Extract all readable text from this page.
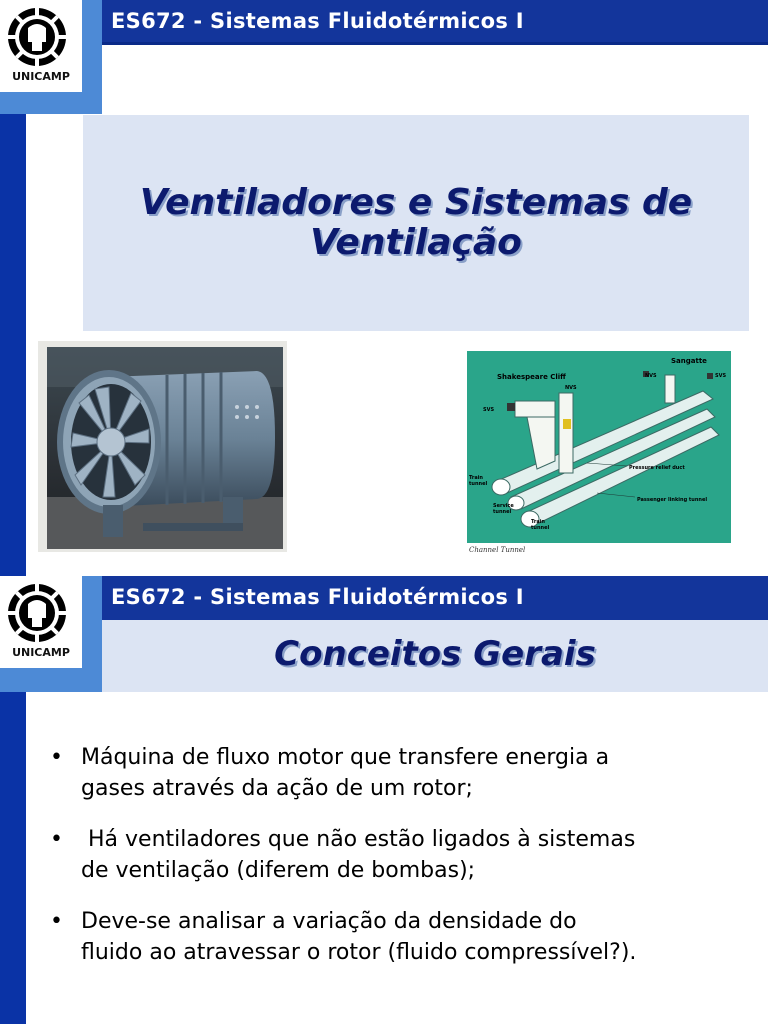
UNICAMP
ES672 - Sistemas Fluidotérmicos I
Ventiladores e Sistemas de
Ventilação
Sangatte
Shakespeare Cliff
NVS
NVS
SVS
SVS
Pressure relief duct
Passenger linking tunnel
Train
tunnel
Service
tunnel
Train
tunnel
Channel Tunnel
UNICAMP
ES672 - Sistemas Fluidotérmicos I
Conceitos Gerais
• Máquina de fluxo motor que transfere energia a
gases através da ação de um rotor;
• Há ventiladores que não estão ligados à sistemas
de ventilação (diferem de bombas);
• Deve-se analisar a variação da densidade do
fluido ao atravessar o rotor (fluido compressível?).
